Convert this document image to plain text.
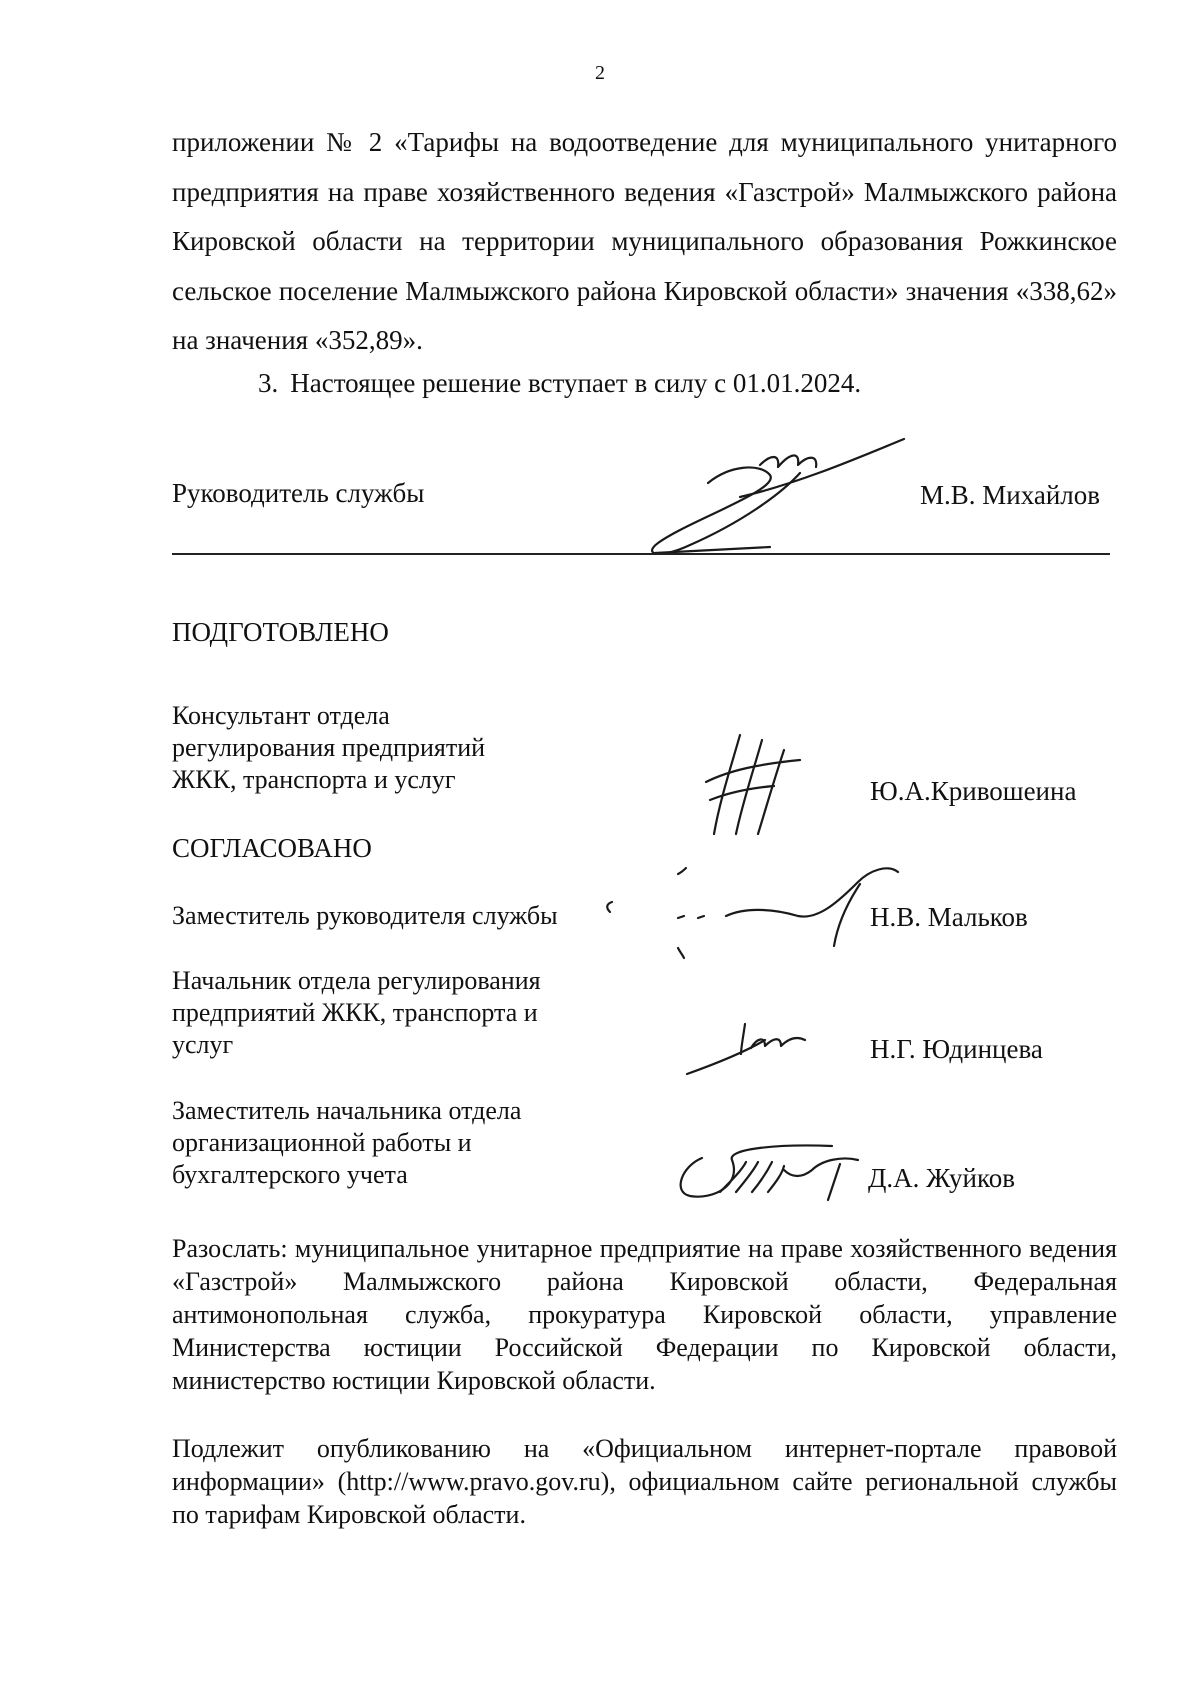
2
приложении № 2 «Тарифы на водоотведение для муниципального унитарного предприятия на праве хозяйственного ведения «Газстрой» Малмыжского района Кировской области на территории муниципального образования Рожкинское сельское поселение Малмыжского района Кировской области» значения «338,62» на значения «352,89».
3. Настоящее решение вступает в силу с 01.01.2024.
Руководитель службы	М.В. Михайлов
ПОДГОТОВЛЕНО
Консультант отдела
регулирования предприятий
ЖКК, транспорта и услуг	Ю.А.Кривошеина
СОГЛАСОВАНО
Заместитель руководителя службы	Н.В. Мальков
Начальник отдела регулирования
предприятий ЖКК, транспорта и
услуг	Н.Г. Юдинцева
Заместитель начальника отдела
организационной работы и
бухгалтерского учета	Д.А. Жуйков
Разослать: муниципальное унитарное предприятие на праве хозяйственного ведения «Газстрой» Малмыжского района Кировской области, Федеральная антимонопольная служба, прокуратура Кировской области, управление Министерства юстиции Российской Федерации по Кировской области, министерство юстиции Кировской области.
Подлежит опубликованию на «Официальном интернет-портале правовой информации» (http://www.pravo.gov.ru), официальном сайте региональной службы по тарифам Кировской области.
